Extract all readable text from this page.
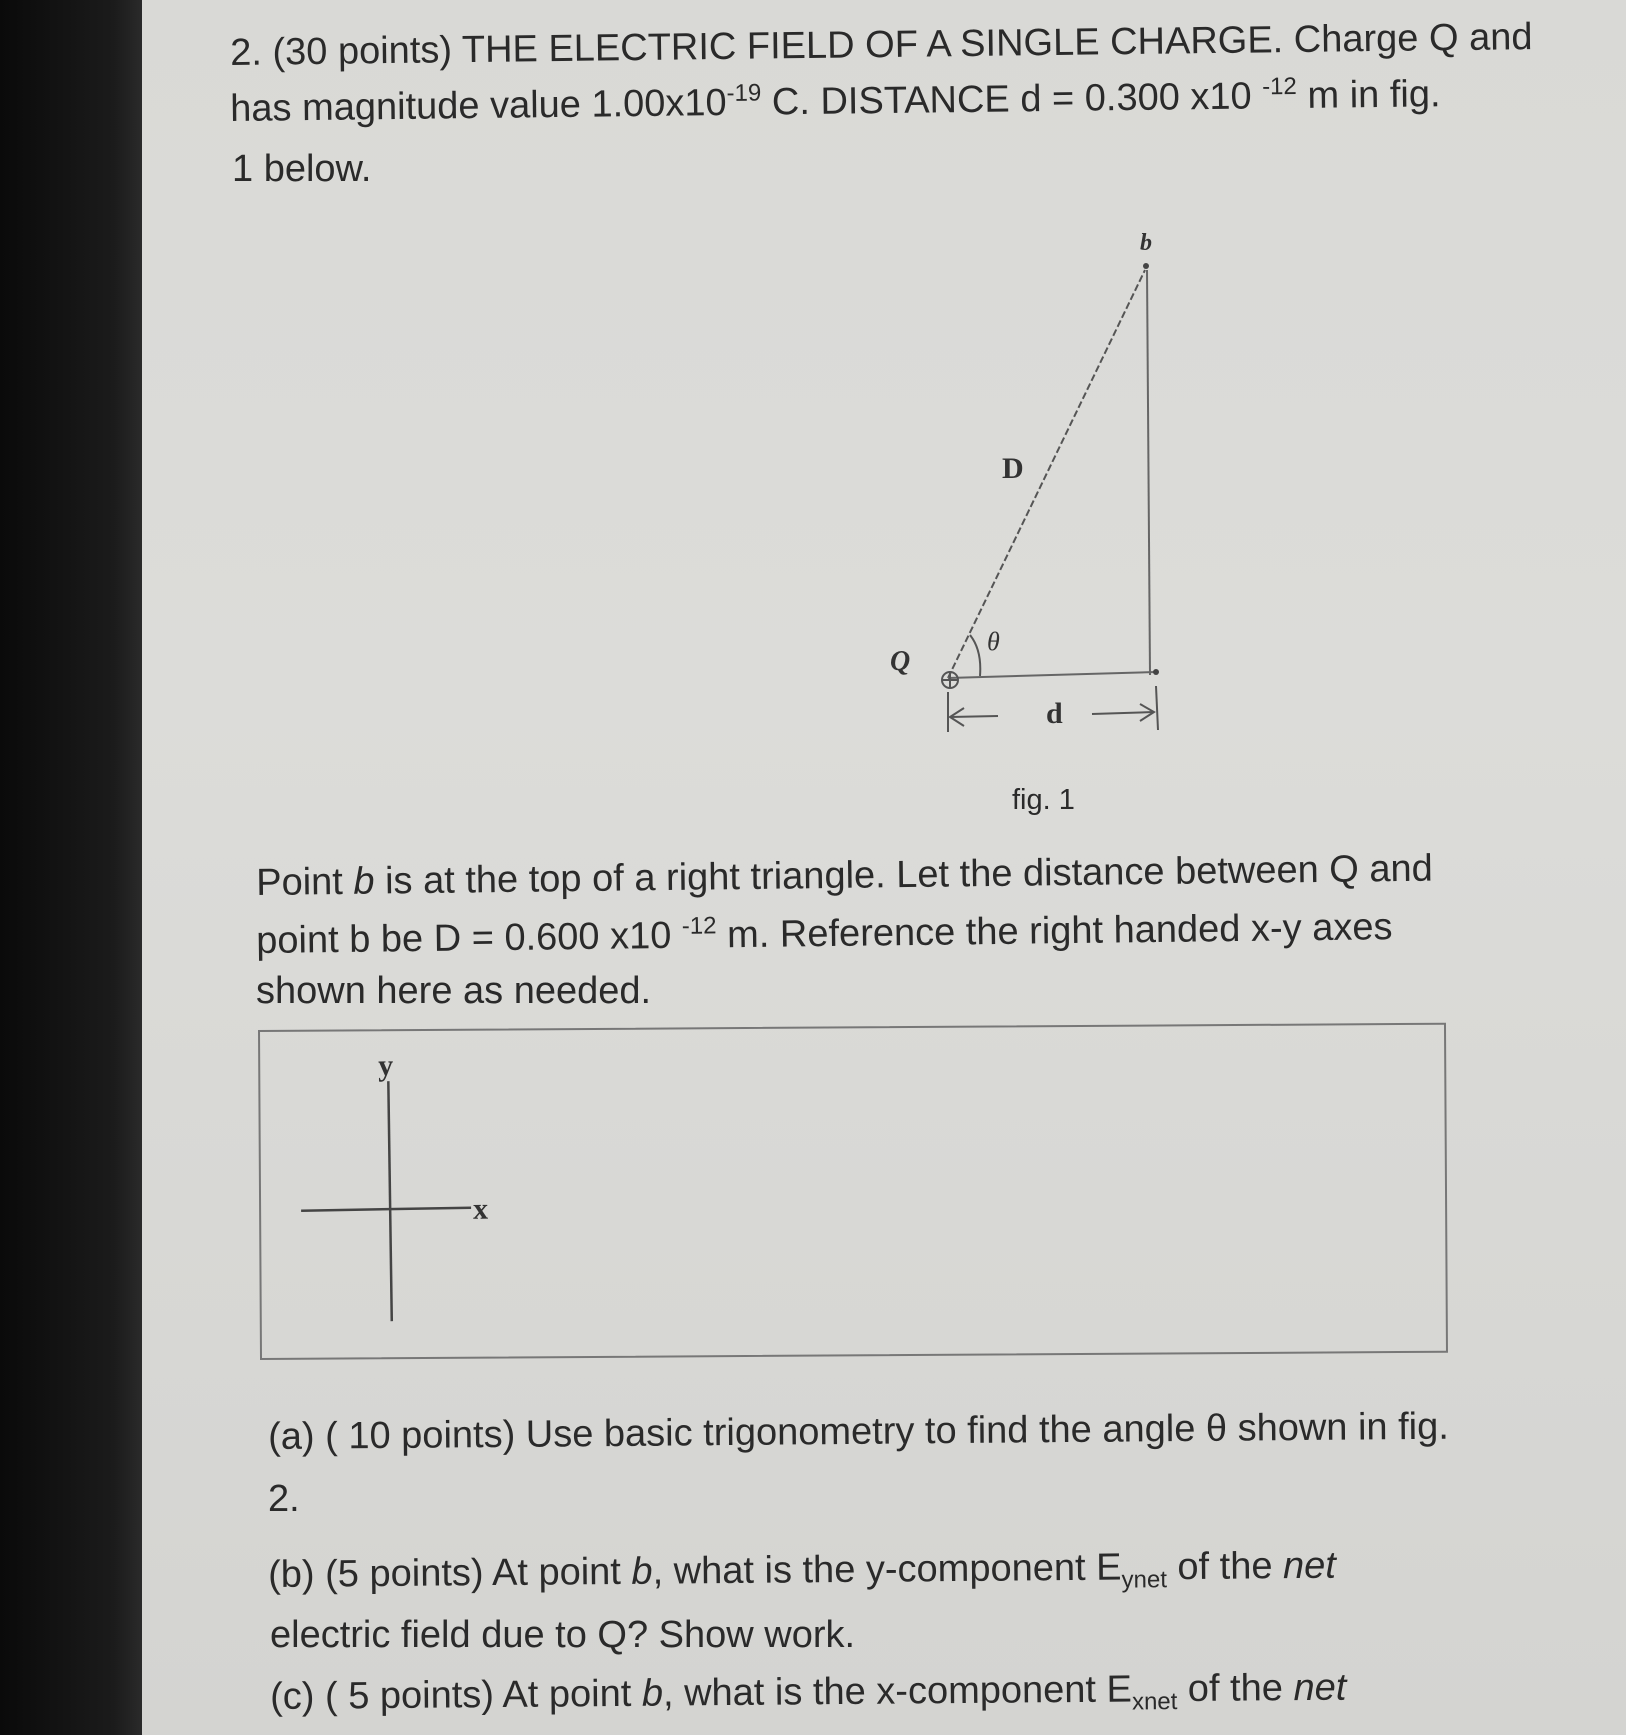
2. (30 points) THE ELECTRIC FIELD OF A SINGLE CHARGE. Charge Q and
has magnitude value $1.00x10^{-19}$ C. DISTANCE d = 0.300 x10 $^{-12}$ m in fig.
1 below.
b
D
Q
θ
d
fig. 1
Point b is at the top of a right triangle. Let the distance between Q and
point b be D = 0.600 x10 $^{-12}$ m. Reference the right handed x-y axes
shown here as needed.
y
x
(a) ( 10 points) Use basic trigonometry to find the angle θ shown in fig.
2.
(b) (5 points) At point b, what is the y-component $E_{ynet}$ of the net
electric field due to Q? Show work.
(c) ( 5 points) At point b, what is the x-component $E_{xnet}$ of the net
